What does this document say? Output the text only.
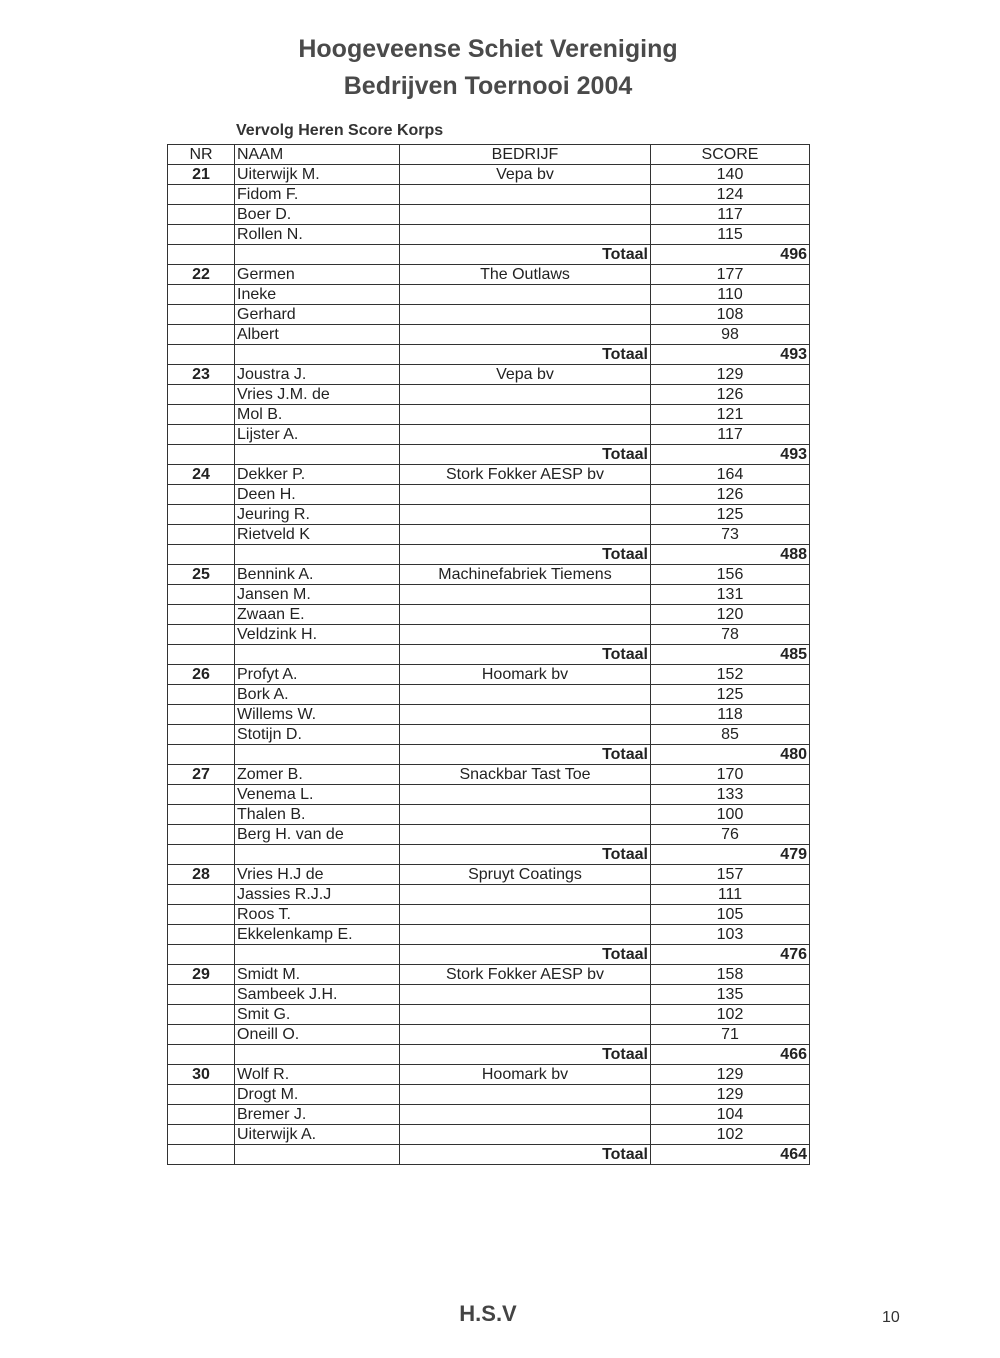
Hoogeveense Schiet Vereniging
Bedrijven Toernooi 2004
Vervolg Heren Score Korps
NR	NAAM	BEDRIJF	SCORE
21	Uiterwijk M.	Vepa bv	140
	Fidom F.		124
	Boer D.		117
	Rollen N.		115
		Totaal	496
22	Germen	The Outlaws	177
	Ineke		110
	Gerhard		108
	Albert		98
		Totaal	493
23	Joustra J.	Vepa bv	129
	Vries J.M. de		126
	Mol B.		121
	Lijster A.		117
		Totaal	493
24	Dekker P.	Stork Fokker AESP bv	164
	Deen H.		126
	Jeuring R.		125
	Rietveld K		73
		Totaal	488
25	Bennink A.	Machinefabriek Tiemens	156
	Jansen M.		131
	Zwaan E.		120
	Veldzink H.		78
		Totaal	485
26	Profyt A.	Hoomark bv	152
	Bork A.		125
	Willems W.		118
	Stotijn D.		85
		Totaal	480
27	Zomer B.	Snackbar Tast Toe	170
	Venema L.		133
	Thalen B.		100
	Berg H. van de		76
		Totaal	479
28	Vries H.J de	Spruyt Coatings	157
	Jassies R.J.J		111
	Roos T.		105
	Ekkelenkamp E.		103
		Totaal	476
29	Smidt M.	Stork Fokker AESP bv	158
	Sambeek J.H.		135
	Smit G.		102
	Oneill O.		71
		Totaal	466
30	Wolf R.	Hoomark bv	129
	Drogt M.		129
	Bremer J.		104
	Uiterwijk A.		102
		Totaal	464
H.S.V	10
